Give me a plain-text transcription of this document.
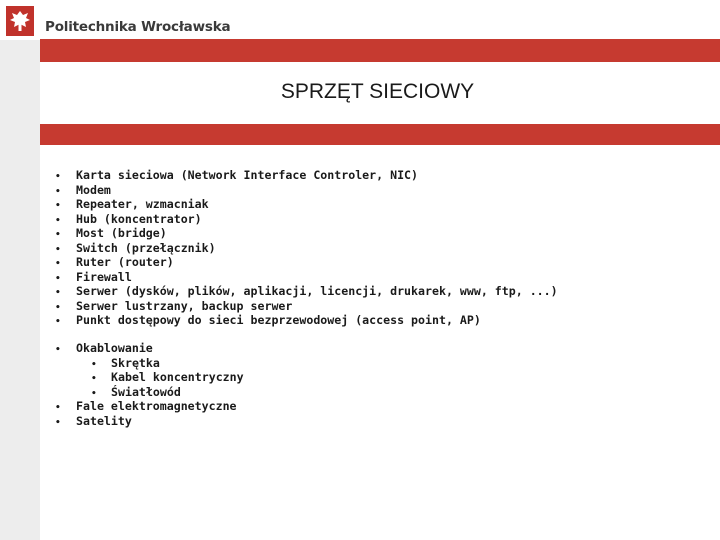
Politechnika Wrocławska
SPRZĘT SIECIOWY
• Karta sieciowa (Network Interface Controler, NIC)
• Modem
• Repeater, wzmacniak
• Hub (koncentrator)
• Most (bridge)
• Switch (przełącznik)
• Ruter (router)
• Firewall
• Serwer (dysków, plików, aplikacji, licencji, drukarek, www, ftp, ...)
• Serwer lustrzany, backup serwer
• Punkt dostępowy do sieci bezprzewodowej (access point, AP)
• Okablowanie
• Skrętka
• Kabel koncentryczny
• Światłowód
• Fale elektromagnetyczne
• Satelity
